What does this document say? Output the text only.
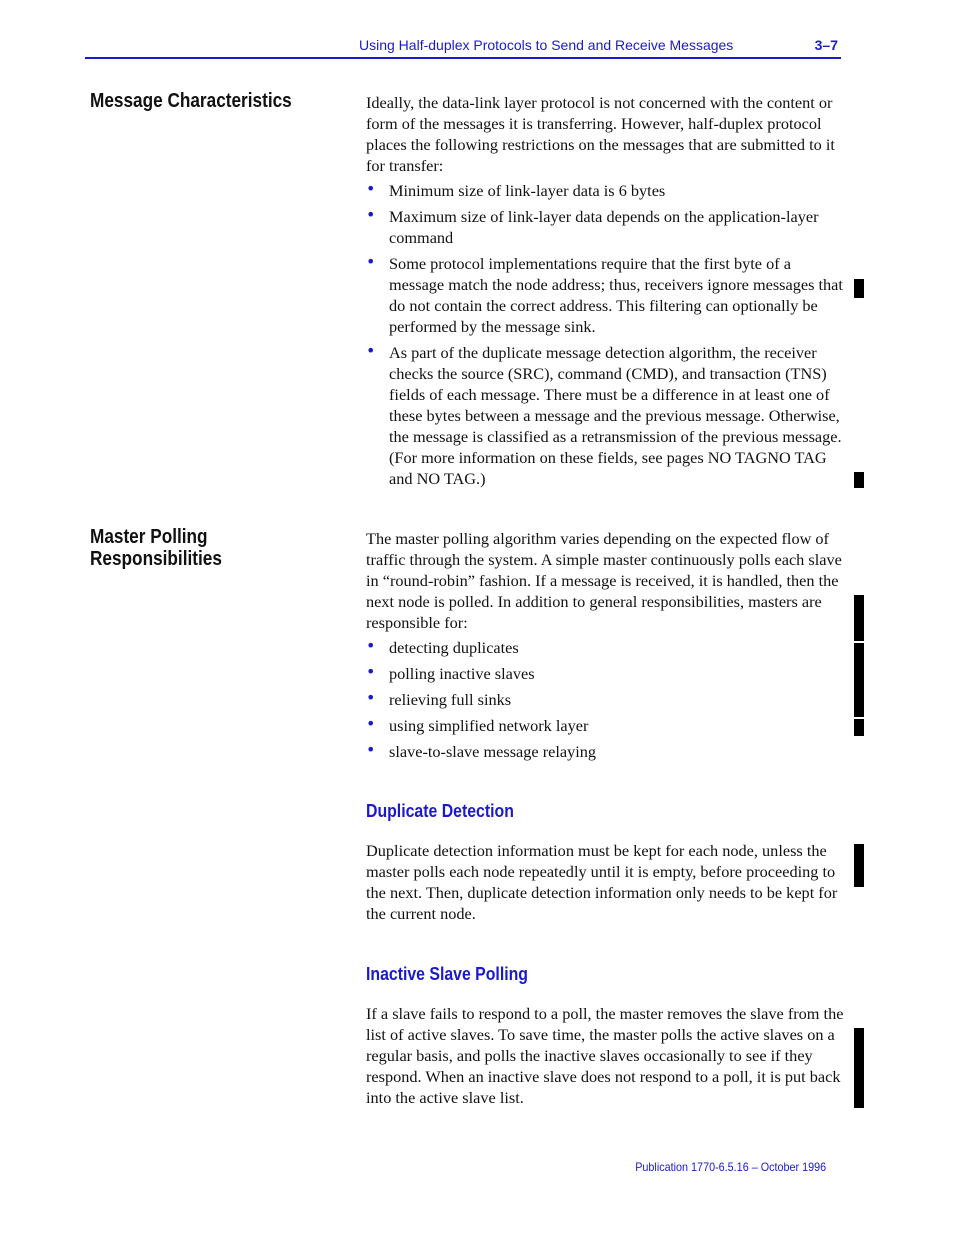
Using Half-duplex Protocols to Send and Receive Messages	3–7
Message Characteristics	Ideally, the data-link layer protocol is not concerned with the content or form of the messages it is transferring. However, half-duplex protocol places the following restrictions on the messages that are submitted to it for transfer:

• Minimum size of link-layer data is 6 bytes
• Maximum size of link-layer data depends on the application-layer command
• Some protocol implementations require that the first byte of a message match the node address; thus, receivers ignore messages that do not contain the correct address. This filtering can optionally be performed by the message sink.
• As part of the duplicate message detection algorithm, the receiver checks the source (SRC), command (CMD), and transaction (TNS) fields of each message. There must be a difference in at least one of these bytes between a message and the previous message. Otherwise, the message is classified as a retransmission of the previous message. (For more information on these fields, see pages NO TAGNO TAG and NO TAG.)
Master Polling
Responsibilities

The master polling algorithm varies depending on the expected flow of traffic through the system. A simple master continuously polls each slave in “round-robin” fashion. If a message is received, it is handled, then the next node is polled. In addition to general responsibilities, masters are responsible for:

• detecting duplicates
• polling inactive slaves
• relieving full sinks
• using simplified network layer
• slave-to-slave message relaying
Duplicate Detection

Duplicate detection information must be kept for each node, unless the master polls each node repeatedly until it is empty, before proceeding to the next. Then, duplicate detection information only needs to be kept for the current node.

Inactive Slave Polling

If a slave fails to respond to a poll, the master removes the slave from the list of active slaves. To save time, the master polls the active slaves on a regular basis, and polls the inactive slaves occasionally to see if they respond. When an inactive slave does not respond to a poll, it is put back into the active slave list.

Publication 1770-6.5.16 – October 1996
